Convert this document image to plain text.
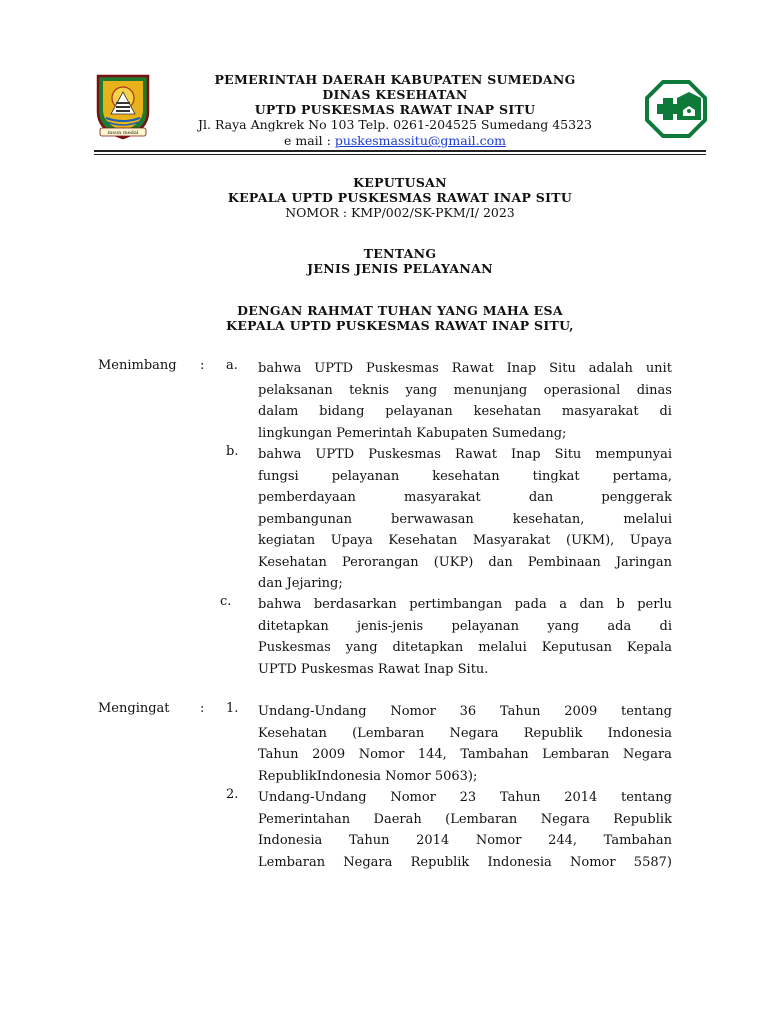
insun medal
PEMERINTAH DAERAH KABUPATEN SUMEDANG
DINAS KESEHATAN
UPTD PUSKESMAS RAWAT INAP SITU
Jl. Raya Angkrek No 103 Telp. 0261-204525 Sumedang 45323
e mail : puskesmassitu@gmail.com
KEPUTUSAN
KEPALA UPTD PUSKESMAS RAWAT INAP SITU
NOMOR : KMP/002/SK-PKM/I/ 2023
TENTANG
JENIS JENIS PELAYANAN
DENGAN RAHMAT TUHAN YANG MAHA ESA
KEPALA UPTD PUSKESMAS RAWAT INAP SITU,
Menimbang : a. bahwa UPTD Puskesmas Rawat Inap Situ adalah unit
pelaksanan teknis yang menunjang operasional dinas
dalam bidang pelayanan kesehatan masyarakat di
lingkungan Pemerintah Kabupaten Sumedang;
b. bahwa UPTD Puskesmas Rawat Inap Situ mempunyai
fungsi	pelayanan	kesehatan	tingkat	pertama,
pemberdayaan	masyarakat	dan	penggerak
pembangunan	berwawasan	kesehatan,	melalui
kegiatan Upaya Kesehatan Masyarakat (UKM), Upaya
Kesehatan Perorangan (UKP) dan Pembinaan Jaringan
dan Jejaring;
c. bahwa berdasarkan pertimbangan pada a dan b perlu
ditetapkan jenis-jenis pelayanan yang ada di
Puskesmas yang ditetapkan melalui Keputusan Kepala
UPTD Puskesmas Rawat Inap Situ.
Mengingat : 1. Undang-Undang Nomor 36 Tahun 2009 tentang
Kesehatan (Lembaran Negara Republik Indonesia
Tahun 2009 Nomor 144, Tambahan Lembaran Negara
RepublikIndonesia Nomor 5063);
2. Undang-Undang Nomor 23 Tahun 2014 tentang
Pemerintahan Daerah (Lembaran Negara Republik
Indonesia Tahun 2014 Nomor 244, Tambahan
Lembaran Negara Republik Indonesia Nomor 5587)
